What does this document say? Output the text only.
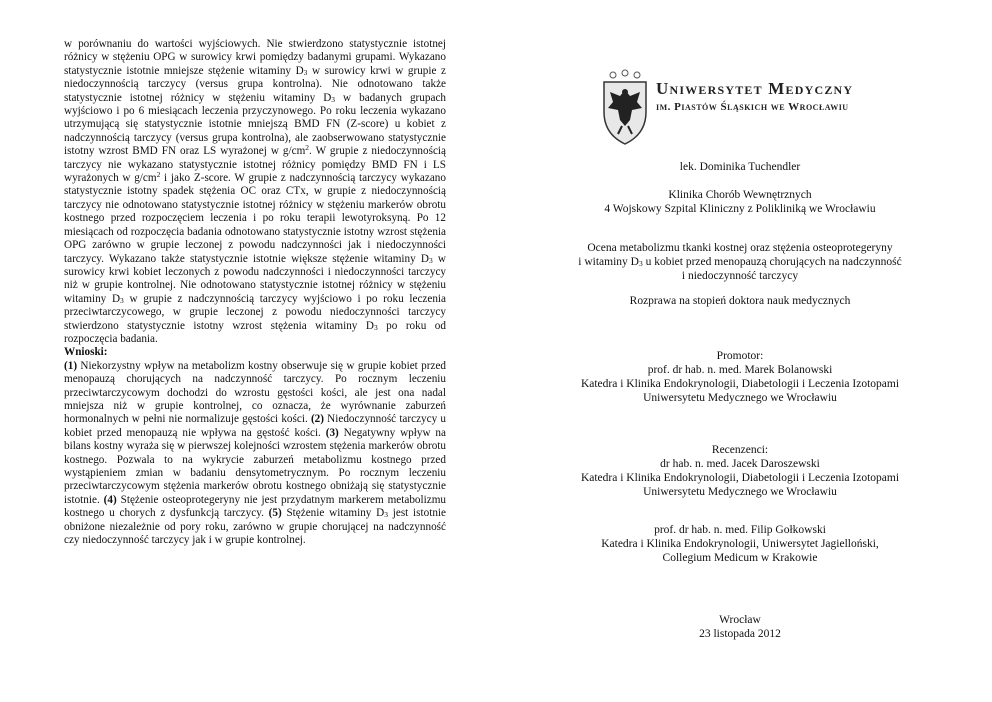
w porównaniu do wartości wyjściowych. Nie stwierdzono statystycznie istotnej różnicy w stężeniu OPG w surowicy krwi pomiędzy badanymi grupami. Wykazano statystycznie istotnie mniejsze stężenie witaminy $D_3$ w surowicy krwi w grupie z niedoczynnością tarczycy (versus grupa kontrolna). Nie odnotowano także statystycznie istotnej różnicy w stężeniu witaminy $D_3$ w badanych grupach wyjściowo i po 6 miesiącach leczenia przyczynowego. Po roku leczenia wykazano utrzymującą się statystycznie istotnie mniejszą BMD FN (Z-score) u kobiet z nadczynnością tarczycy (versus grupa kontrolna), ale zaobserwowano statystycznie istotny wzrost BMD FN oraz LS wyrażonej w $g/cm^2$. W grupie z niedoczynnością tarczycy nie wykazano statystycznie istotnej różnicy pomiędzy BMD FN i LS wyrażonych w $g/cm^2$ i jako Z-score. W grupie z nadczynnością tarczycy wykazano statystycznie istotny spadek stężenia OC oraz CTx, w grupie z niedoczynnością tarczycy nie odnotowano statystycznie istotnej różnicy w stężeniu markerów obrotu kostnego przed rozpoczęciem leczenia i po roku terapii lewotyroksyną. Po 12 miesiącach od rozpoczęcia badania odnotowano statystycznie istotny wzrost stężenia OPG zarówno w grupie leczonej z powodu nadczynności jak i niedoczynności tarczycy. Wykazano także statystycznie istotnie większe stężenie witaminy $D_3$ w surowicy krwi kobiet leczonych z powodu nadczynności i niedoczynności tarczycy niż w grupie kontrolnej. Nie odnotowano statystycznie istotnej różnicy w stężeniu witaminy $D_3$ w grupie z nadczynnością tarczycy wyjściowo i po roku leczenia przeciwtarczycowego, w grupie leczonej z powodu niedoczynności tarczycy stwierdzono statystycznie istotny wzrost stężenia witaminy $D_3$ po roku od rozpoczęcia badania.

Wnioski:

(1) Niekorzystny wpływ na metabolizm kostny obserwuje się w grupie kobiet przed menopauzą chorujących na nadczynność tarczycy. Po rocznym leczeniu przeciwtarczycowym dochodzi do wzrostu gęstości kości, ale jest ona nadal mniejsza niż w grupie kontrolnej, co oznacza, że wyrównanie zaburzeń hormonalnych w pełni nie normalizuje gęstości kości. (2) Niedoczynność tarczycy u kobiet przed menopauzą nie wpływa na gęstość kości. (3) Negatywny wpływ na bilans kostny wyraża się w pierwszej kolejności wzrostem stężenia markerów obrotu kostnego. Pozwala to na wykrycie zaburzeń metabolizmu kostnego przed wystąpieniem zmian w badaniu densytometrycznym. Po rocznym leczeniu przeciwtarczycowym stężenia markerów obrotu kostnego obniżają się statystycznie istotnie. (4) Stężenie osteoprotegeryny nie jest przydatnym markerem metabolizmu kostnego u chorych z dysfunkcją tarczycy. (5) Stężenie witaminy $D_3$ jest istotnie obniżone niezależnie od pory roku, zarówno w grupie chorującej na nadczynność czy niedoczynność tarczycy jak i w grupie kontrolnej.

Uniwersytet Medyczny
im. Piastów Śląskich we Wrocławiu
lek. Dominika Tuchendler
Klinika Chorób Wewnętrznych
4 Wojskowy Szpital Kliniczny z Polikliniką we Wrocławiu
Ocena metabolizmu tkanki kostnej oraz stężenia osteoprotegeryny
i witaminy $D_3$ u kobiet przed menopauzą chorujących na nadczynność
i niedoczynność tarczycy
Rozprawa na stopień doktora nauk medycznych
Promotor:
prof. dr hab. n. med. Marek Bolanowski
Katedra i Klinika Endokrynologii, Diabetologii i Leczenia Izotopami
Uniwersytetu Medycznego we Wrocławiu
Recenzenci:
dr hab. n. med. Jacek Daroszewski
Katedra i Klinika Endokrynologii, Diabetologii i Leczenia Izotopami
Uniwersytetu Medycznego we Wrocławiu
prof. dr hab. n. med. Filip Gołkowski
Katedra i Klinika Endokrynologii, Uniwersytet Jagielloński,
Collegium Medicum w Krakowie
Wrocław
23 listopada 2012
